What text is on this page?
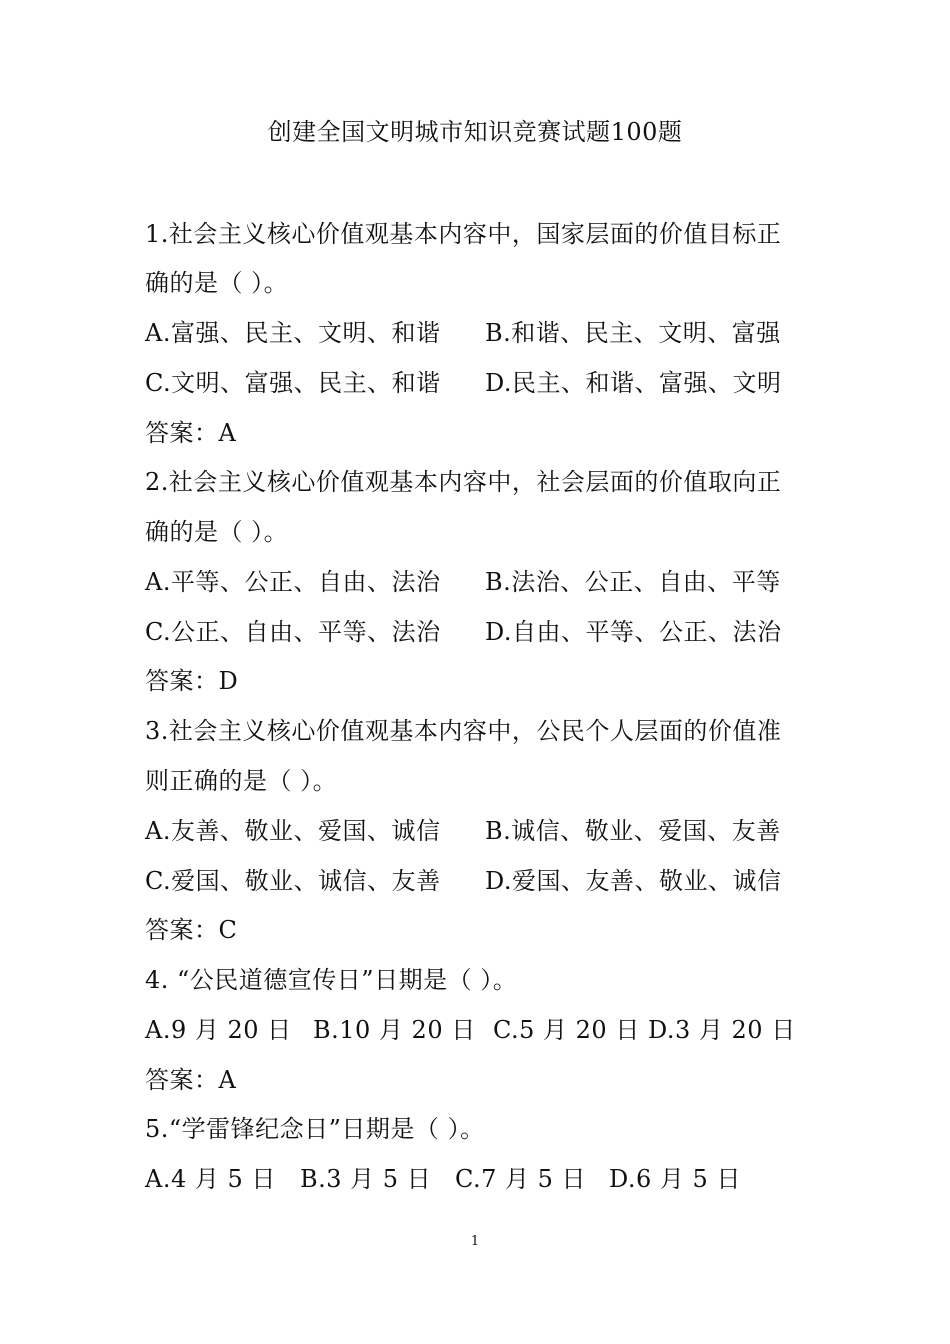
创建全国文明城市知识竞赛试题100题
1.社会主义核心价值观基本内容中，国家层面的价值目标正
确的是（ ）。
A.富强、民主、文明、和谐 B.和谐、民主、文明、富强
C.文明、富强、民主、和谐 D.民主、和谐、富强、文明
答案：A
2.社会主义核心价值观基本内容中，社会层面的价值取向正
确的是（ ）。
A.平等、公正、自由、法治 B.法治、公正、自由、平等
C.公正、自由、平等、法治 D.自由、平等、公正、法治
答案：D
3.社会主义核心价值观基本内容中，公民个人层面的价值准
则正确的是（ ）。
A.友善、敬业、爱国、诚信 B.诚信、敬业、爱国、友善
C.爱国、敬业、诚信、友善 D.爱国、友善、敬业、诚信
答案：C
4. “公民道德宣传日”日期是（ ）。
A.9 月 20 日 B.10 月 20 日 C.5 月 20 日 D.3 月 20 日
答案：A
5.“学雷锋纪念日”日期是（ ）。
A.4 月 5 日 B.3 月 5 日 C.7 月 5 日 D.6 月 5 日
1
